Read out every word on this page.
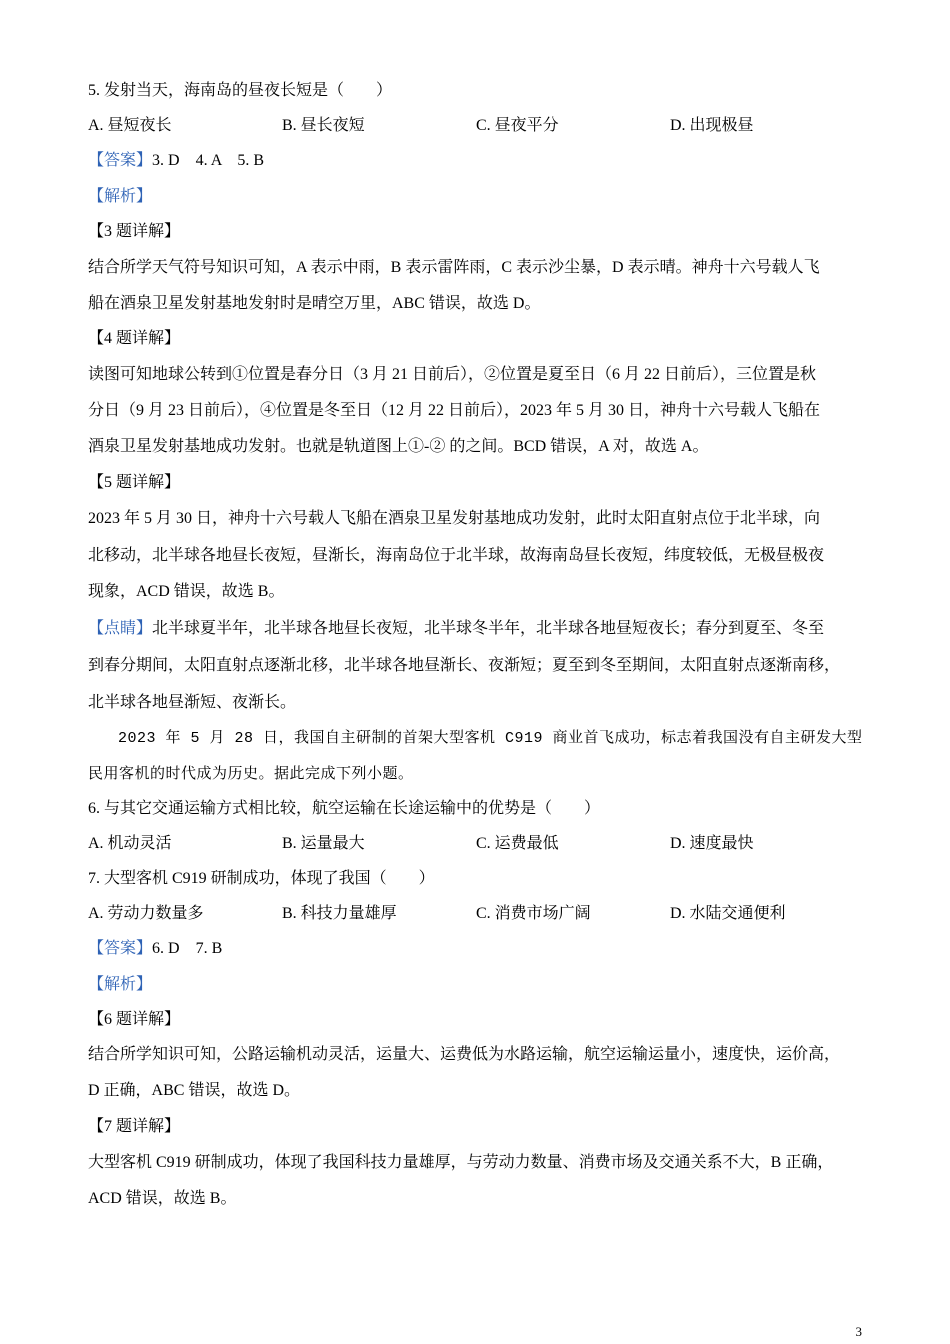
5. 发射当天，海南岛的昼夜长短是（　　）
A. 昼短夜长	B. 昼长夜短	C. 昼夜平分	D. 出现极昼
【答案】3. D　4. A　5. B
【解析】
【3 题详解】
结合所学天气符号知识可知，A 表示中雨，B 表示雷阵雨，C 表示沙尘暴，D 表示晴。神舟十六号载人飞
船在酒泉卫星发射基地发射时是晴空万里，ABC 错误，故选 D。
【4 题详解】
读图可知地球公转到①位置是春分日（3 月 21 日前后），②位置是夏至日（6 月 22 日前后），三位置是秋
分日（9 月 23 日前后），④位置是冬至日（12 月 22 日前后），2023 年 5 月 30 日，神舟十六号载人飞船在
酒泉卫星发射基地成功发射。也就是轨道图上①-② 的之间。BCD 错误，A 对，故选 A。
【5 题详解】
2023 年 5 月 30 日，神舟十六号载人飞船在酒泉卫星发射基地成功发射，此时太阳直射点位于北半球，向
北移动，北半球各地昼长夜短，昼渐长，海南岛位于北半球，故海南岛昼长夜短，纬度较低，无极昼极夜
现象，ACD 错误，故选 B。
【点睛】北半球夏半年，北半球各地昼长夜短，北半球冬半年，北半球各地昼短夜长；春分到夏至、冬至
到春分期间，太阳直射点逐渐北移，北半球各地昼渐长、夜渐短；夏至到冬至期间，太阳直射点逐渐南移，
北半球各地昼渐短、夜渐长。
2023 年 5 月 28 日，我国自主研制的首架大型客机 C919 商业首飞成功，标志着我国没有自主研发大型
民用客机的时代成为历史。据此完成下列小题。
6. 与其它交通运输方式相比较，航空运输在长途运输中的优势是（　　）
A. 机动灵活	B. 运量最大	C. 运费最低	D. 速度最快
7. 大型客机 C919 研制成功，体现了我国（　　）
A. 劳动力数量多	B. 科技力量雄厚	C. 消费市场广阔	D. 水陆交通便利
【答案】6. D　7. B
【解析】
【6 题详解】
结合所学知识可知，公路运输机动灵活，运量大、运费低为水路运输，航空运输运量小，速度快，运价高，
D 正确，ABC 错误，故选 D。
【7 题详解】
大型客机 C919 研制成功，体现了我国科技力量雄厚，与劳动力数量、消费市场及交通关系不大，B 正确，
ACD 错误，故选 B。
3
